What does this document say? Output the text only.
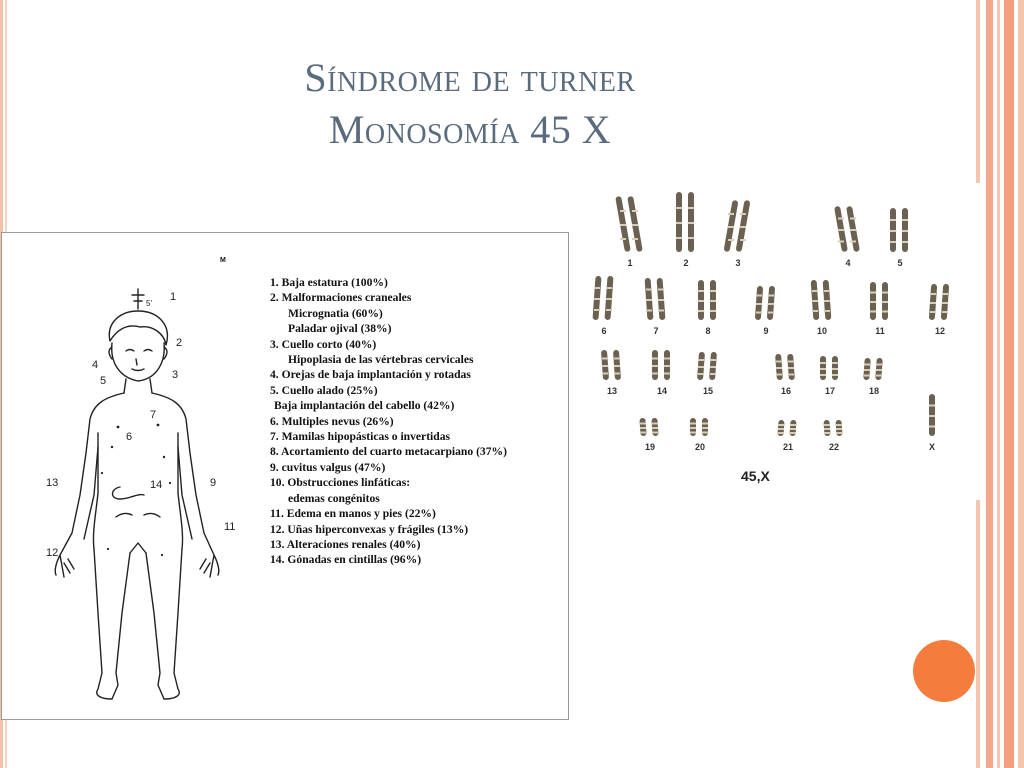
Síndrome de turner
Monosomía 45 X
M
1
5'
2
4
5	3
7
6
13	14	9
11
12.
1. Baja estatura (100%)
2. Malformaciones craneales
Micrognatia (60%)
Paladar ojival (38%)
3. Cuello corto (40%)
Hipoplasia de las vértebras cervicales
4. Orejas de baja implantación y rotadas
5. Cuello alado (25%)
Baja implantación del cabello (42%)
6. Multiples nevus (26%)
7. Mamilas hipopásticas o invertidas
8. Acortamiento del cuarto metacarpiano (37%)
9. cuvitus valgus (47%)
10. Obstrucciones linfáticas:
edemas congénitos
11. Edema en manos y pies (22%)
12. Uñas hiperconvexas y frágiles (13%)
13. Alteraciones renales (40%)
14. Gónadas en cintillas (96%)
1	2	3	4	5
6	7	8	9	10	11	12
13	14	15	16	17	18
19	20	21	22	X
45,X
